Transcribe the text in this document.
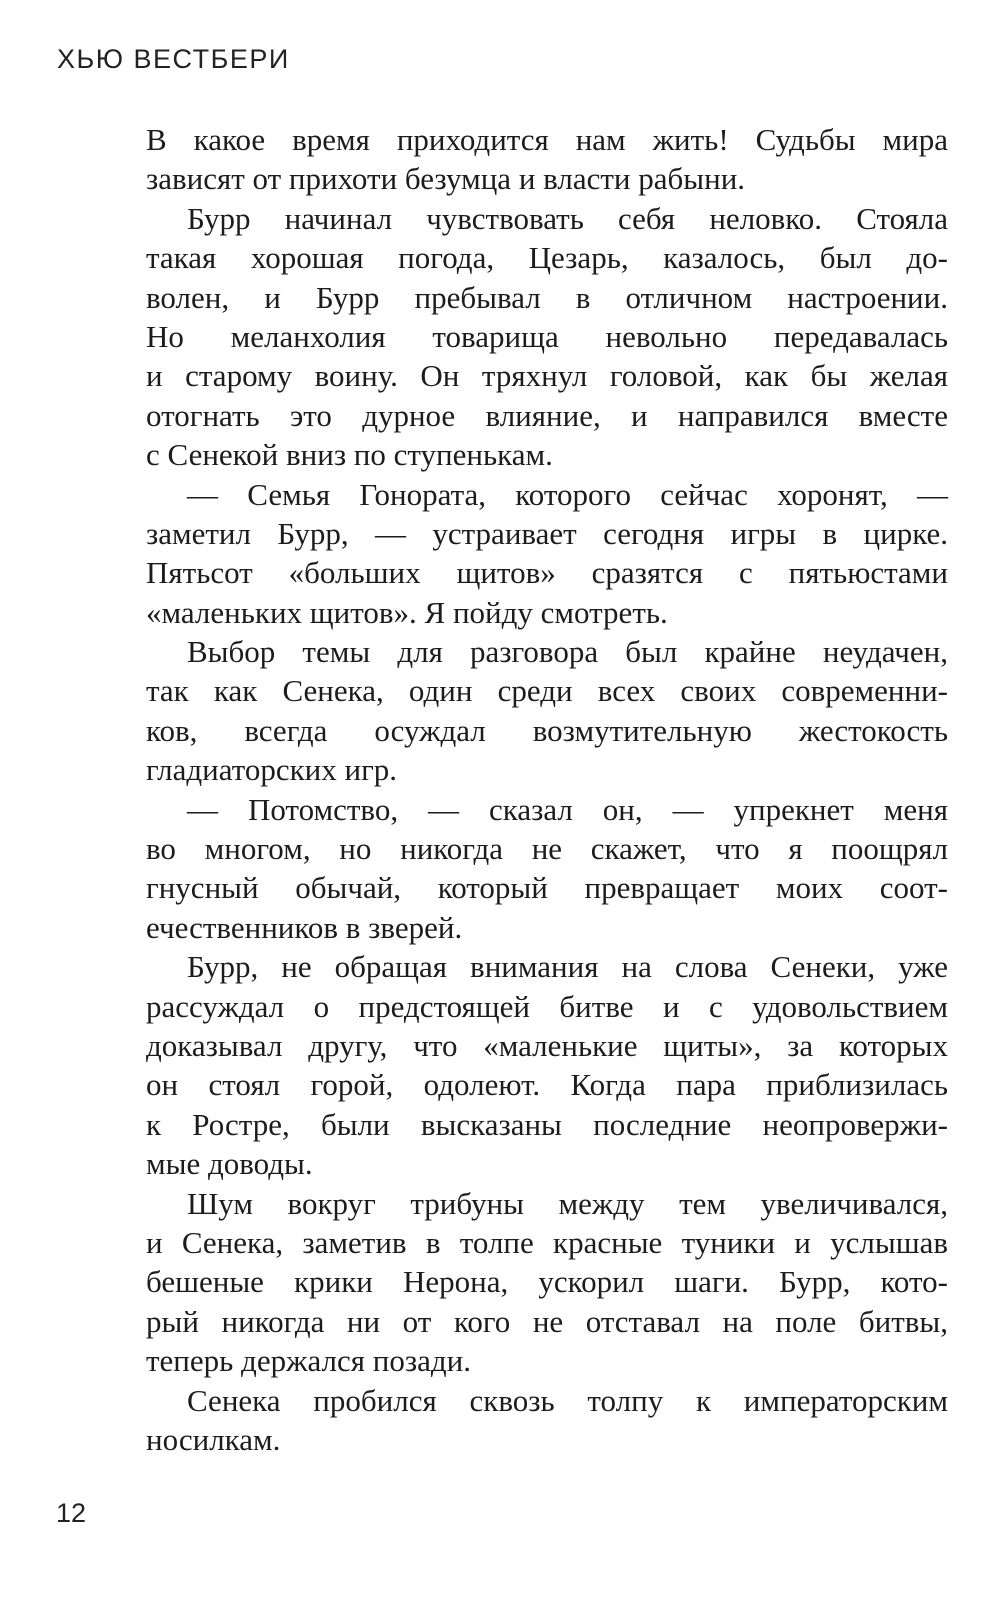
ХЬЮ ВЕСТБЕРИ
В какое время приходится нам жить! Судьбы мира
зависят от прихоти безумца и власти рабыни.
Бурр начинал чувствовать себя неловко. Стояла
такая хорошая погода, Цезарь, казалось, был до-
волен, и Бурр пребывал в отличном настроении.
Но меланхолия товарища невольно передавалась
и старому воину. Он тряхнул головой, как бы желая
отогнать это дурное влияние, и направился вместе
с Сенекой вниз по ступенькам.
— Семья Гонората, которого сейчас хоронят, —
заметил Бурр, — устраивает сегодня игры в цирке.
Пятьсот «больших щитов» сразятся с пятьюстами
«маленьких щитов». Я пойду смотреть.
Выбор темы для разговора был крайне неудачен,
так как Сенека, один среди всех своих современни-
ков, всегда осуждал возмутительную жестокость
гладиаторских игр.
— Потомство, — сказал он, — упрекнет меня
во многом, но никогда не скажет, что я поощрял
гнусный обычай, который превращает моих соот-
ечественников в зверей.
Бурр, не обращая внимания на слова Сенеки, уже
рассуждал о предстоящей битве и с удовольствием
доказывал другу, что «маленькие щиты», за которых
он стоял горой, одолеют. Когда пара приблизилась
к Ростре, были высказаны последние неопровержи-
мые доводы.
Шум вокруг трибуны между тем увеличивался,
и Сенека, заметив в толпе красные туники и услышав
бешеные крики Нерона, ускорил шаги. Бурр, кото-
рый никогда ни от кого не отставал на поле битвы,
теперь держался позади.
Сенека пробился сквозь толпу к императорским
носилкам.
12
